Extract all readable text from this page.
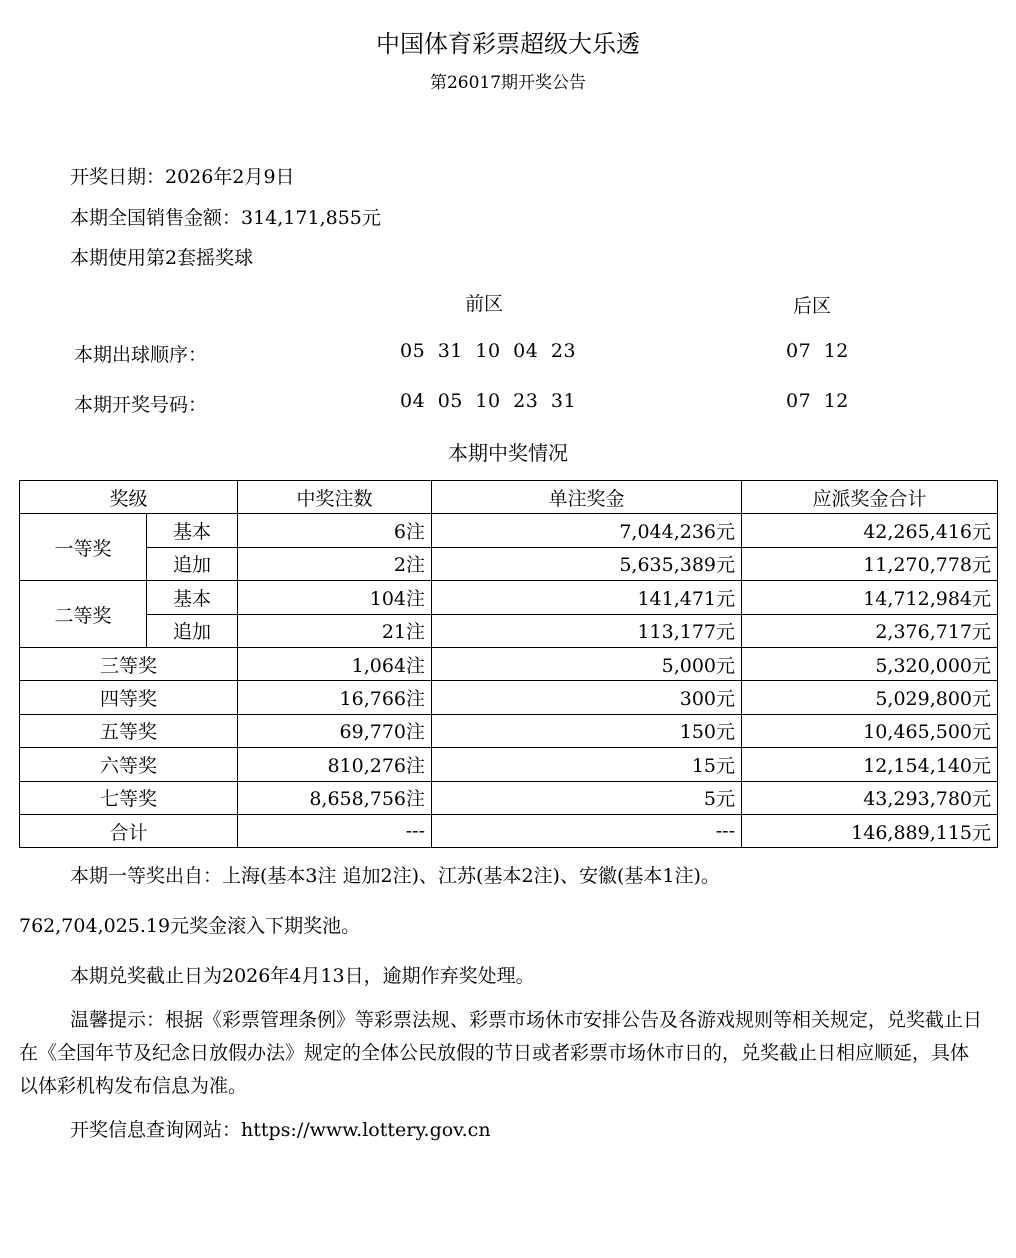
中国体育彩票超级大乐透
第26017期开奖公告
开奖日期：2026年2月9日
本期全国销售金额：314,171,855元
本期使用第2套摇奖球
前区	后区
本期出球顺序：	05 31 10 04 23	07 12
本期开奖号码：	04 05 10 23 31	07 12
本期中奖情况
奖级		中奖注数	单注奖金	应派奖金合计
一等奖	基本	6注	7,044,236元	42,265,416元
	追加	2注	5,635,389元	11,270,778元
二等奖	基本	104注	141,471元	14,712,984元
	追加	21注	113,177元	2,376,717元
三等奖		1,064注	5,000元	5,320,000元
四等奖		16,766注	300元	5,029,800元
五等奖		69,770注	150元	10,465,500元
六等奖		810,276注	15元	12,154,140元
七等奖		8,658,756注	5元	43,293,780元
合计		---	---	146,889,115元
本期一等奖出自：上海(基本3注 追加2注)、江苏(基本2注)、安徽(基本1注)。
762,704,025.19元奖金滚入下期奖池。
本期兑奖截止日为2026年4月13日，逾期作弃奖处理。
温馨提示：根据《彩票管理条例》等彩票法规、彩票市场休市安排公告及各游戏规则等相关规定，兑奖截止日在《全国年节及纪念日放假办法》规定的全体公民放假的节日或者彩票市场休市日的，兑奖截止日相应顺延，具体以体彩机构发布信息为准。
开奖信息查询网站：https://www.lottery.gov.cn
